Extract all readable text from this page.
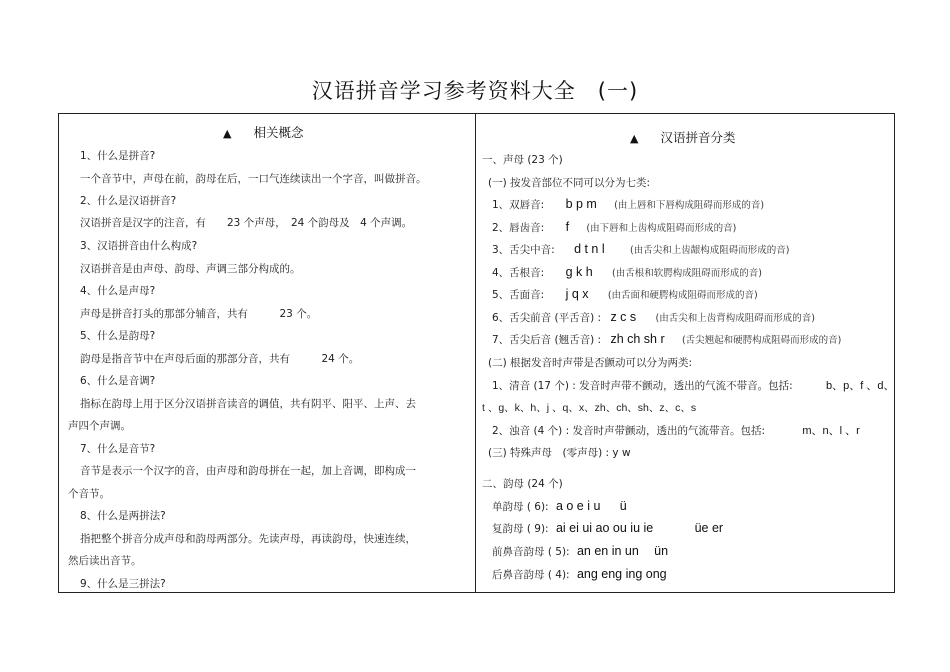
汉语拼音学习参考资料大全　(一)
▲ 相关概念
1、什么是拼音?
一个音节中，声母在前，韵母在后，一口气连续读出一个字音，叫做拼音。
2、什么是汉语拼音?
汉语拼音是汉字的注音，有　　23 个声母，　24 个韵母及　4 个声调。
3、汉语拼音由什么构成?
汉语拼音是由声母、韵母、声调三部分构成的。
4、什么是声母?
声母是拼音打头的那部分辅音，共有　　　23 个。
5、什么是韵母?
韵母是指音节中在声母后面的那部分音，共有　　　24 个。
6、什么是音调?
指标在韵母上用于区分汉语拼音读音的调值，共有阴平、阳平、上声、去
声四个声调。
7、什么是音节?
音节是表示一个汉字的音，由声母和韵母拼在一起，加上音调，即构成一
个音节。
8、什么是两拼法?
指把整个拼音分成声母和韵母两部分。先读声母，再读韵母，快速连续，
然后读出音节。
9、什么是三拼法?
▲ 汉语拼音分类
一、声母 (23 个)
(一) 按发音部位不同可以分为七类:
1、双唇音: b p m (由上唇和下唇构成阻碍而形成的音)
2、唇齿音: f (由下唇和上齿构成阻碍而形成的音)
3、舌尖中音: d t n l	(由舌尖和上齿龈构成阻碍而形成的音)
4、舌根音: g k h (由舌根和软腭构成阻碍而形成的音)
5、舌面音: j q x (由舌面和硬腭构成阻碍而形成的音)
6、舌尖前音 (平舌音) : z c s (由舌尖和上齿背构成阻碍而形成的音)
7、舌尖后音 (翘舌音) : zh ch sh r (舌尖翘起和硬腭构成阻碍而形成的音)
(二) 根据发音时声带是否颤动可以分为两类:
1、清音 (17 个) : 发音时声带不颤动，透出的气流不带音。包括:	b、p、f 、d、
t 、g、k、h、j 、q、x、zh、ch、sh、z、c、s
2、浊音 (4 个) : 发音时声带颤动，透出的气流带音。包括:	m、n、l 、r
(三) 特殊声母　(零声母) : y w
二、韵母 (24 个)
单韵母 ( 6): a o e i u ü
复韵母 ( 9): ai ei ui ao ou iu ie	üe er
前鼻音韵母 ( 5): an en in un ün
后鼻音韵母 ( 4): ang eng ing ong
